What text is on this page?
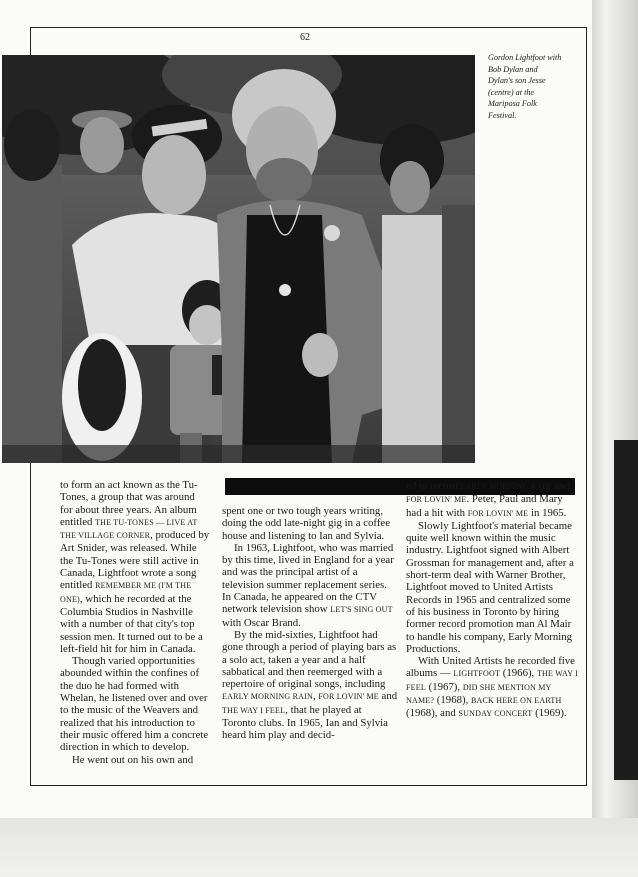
62
Gordon Lightfoot with
Bob Dylan and
Dylan's son Jesse
(centre) at the
Mariposa Folk
Festival.

to form an act known as the Tu-Tones, a group that was around for about three years. An album entitled THE TU-TONES — LIVE AT THE VILLAGE CORNER, produced by Art Snider, was released. While the Tu-Tones were still active in Canada, Lightfoot wrote a song entitled REMEMBER ME (I'M THE ONE), which he recorded at the Columbia Studios in Nashville with a number of that city's top session men. It turned out to be a left-field hit for him in Canada.

Though varied opportunities abounded within the confines of the duo he had formed with Whelan, he listened over and over to the music of the Weavers and realized that his introduction to their music offered him a concrete direction in which to develop.

He went out on his own and

spent one or two tough years writing, doing the odd late-night gig in a coffee house and listening to Ian and Sylvia.

In 1963, Lightfoot, who was married by this time, lived in England for a year and was the principal artist of a television summer replacement series. In Canada, he appeared on the CTV network television show LET'S SING OUT with Oscar Brand.

By the mid-sixties, Lightfoot had gone through a period of playing bars as a solo act, taken a year and a half sabbatical and then reemerged with a repertoire of original songs, including EARLY MORNING RAIN, FOR LOVIN' ME and THE WAY I FEEL, that he played at Toronto clubs. In 1965, Ian and Sylvia heard him play and decid-

ed to record EARLY MORNING RAIN and FOR LOVIN' ME. Peter, Paul and Mary had a hit with FOR LOVIN' ME in 1965.

Slowly Lightfoot's material became quite well known within the music industry. Lightfoot signed with Albert Grossman for management and, after a short-term deal with Warner Brother, Lightfoot moved to United Artists Records in 1965 and centralized some of his business in Toronto by hiring former record promotion man Al Mair to handle his company, Early Morning Productions.

With United Artists he recorded five albums — LIGHTFOOT (1966), THE WAY I FEEL (1967), DID SHE MENTION MY NAME? (1968), BACK HERE ON EARTH (1968), and SUNDAY CONCERT (1969).
